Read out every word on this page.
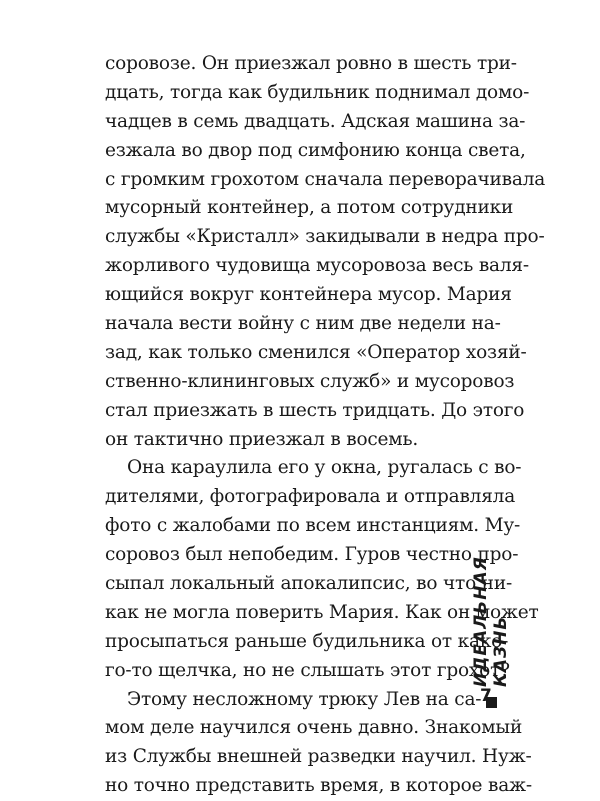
соровозе. Он приезжал ровно в шесть три-
дцать, тогда как будильник поднимал домо-
чадцев в семь двадцать. Адская машина за-
езжала во двор под симфонию конца света,
с громким грохотом сначала переворачивала
мусорный контейнер, а потом сотрудники
службы «Кристалл» закидывали в недра про-
жорливого чудовища мусоровоза весь валя-
ющийся вокруг контейнера мусор. Мария
начала вести войну с ним две недели на-
зад, как только сменился «Оператор хозяй-
ственно-клининговых служб» и мусоровоз
стал приезжать в шесть тридцать. До этого
он тактично приезжал в восемь.
Она караулила его у окна, ругалась с во-
дителями, фотографировала и отправляла
фото с жалобами по всем инстанциям. Му-
соровоз был непобедим. Гуров честно про-
сыпал локальный апокалипсис, во что ни-
как не могла поверить Мария. Как он может
просыпаться раньше будильника от како-
го-то щелчка, но не слышать этот грохот?
Этому несложному трюку Лев на са-
мом деле научился очень давно. Знакомый
из Службы внешней разведки научил. Нуж-
но точно представить время, в которое важ-
ИДЕАЛЬНАЯ КАЗНЬ
7
